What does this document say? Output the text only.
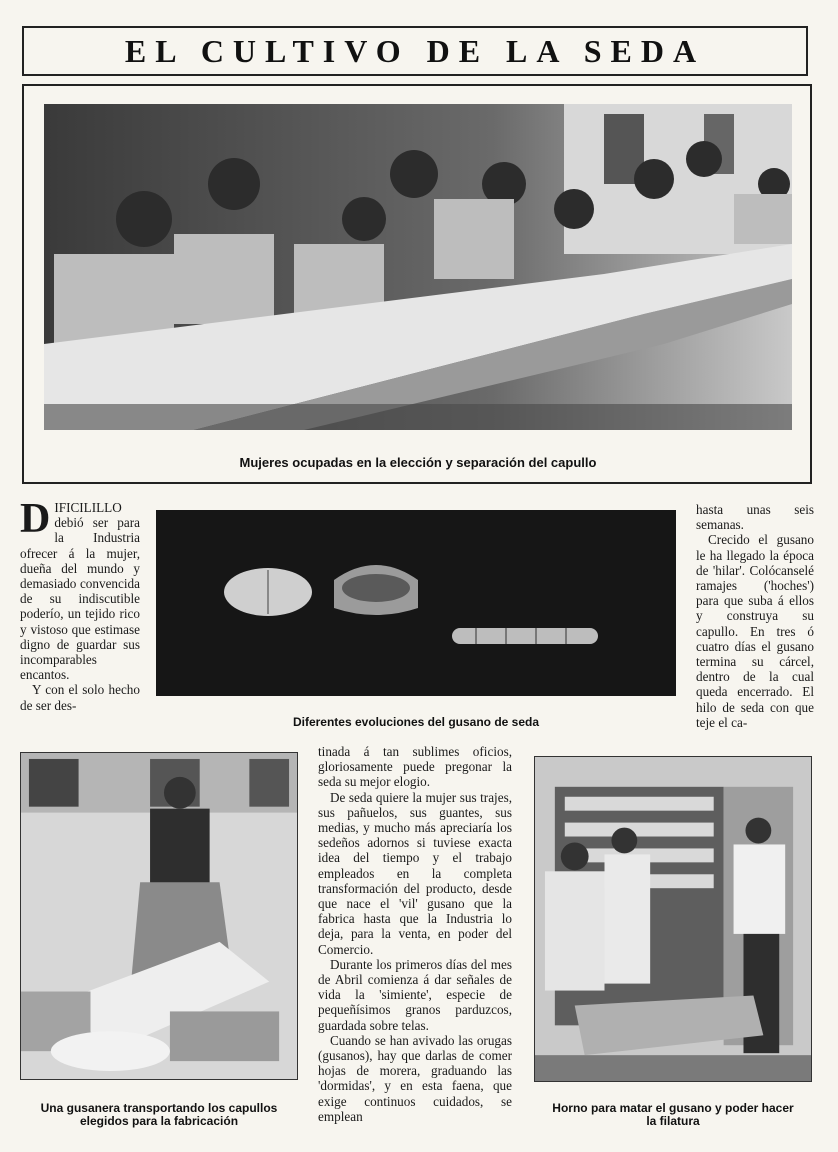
EL CULTIVO DE LA SEDA
Mujeres ocupadas en la elección y separación del capullo

DIFICILILLO debió ser para la Industria ofrecer á la mujer, dueña del mundo y demasiado convencida de su indiscutible poderío, un tejido rico y vistoso que estimase digno de guardar sus incomparables encantos.

Y con el solo hecho de ser des-

Diferentes evoluciones del gusano de seda

hasta unas seis semanas.

Crecido el gusano le ha llegado la época de 'hilar'. Colócanselé ramajes ('hoches') para que suba á ellos y construya su capullo. En tres ó cuatro días el gusano termina su cárcel, dentro de la cual queda encerrado. El hilo de seda con que teje el ca-

Una gusanera transportando los capullos
elegidos para la fabricación

tinada á tan sublimes oficios, gloriosamente puede pregonar la seda su mejor elogio.

De seda quiere la mujer sus trajes, sus pañuelos, sus guantes, sus medias, y mucho más apreciaría los sedeños adornos si tuviese exacta idea del tiempo y el trabajo empleados en la completa transformación del producto, desde que nace el 'vil' gusano que la fabrica hasta que la Industria lo deja, para la venta, en poder del Comercio.

Durante los primeros días del mes de Abril comienza á dar señales de vida la 'simiente', especie de pequeñísimos granos parduzcos, guardada sobre telas.

Cuando se han avivado las orugas (gusanos), hay que darlas de comer hojas de morera, graduando las 'dormidas', y en esta faena, que exige continuos cuidados, se emplean

Horno para matar el gusano y poder hacer
la filatura
